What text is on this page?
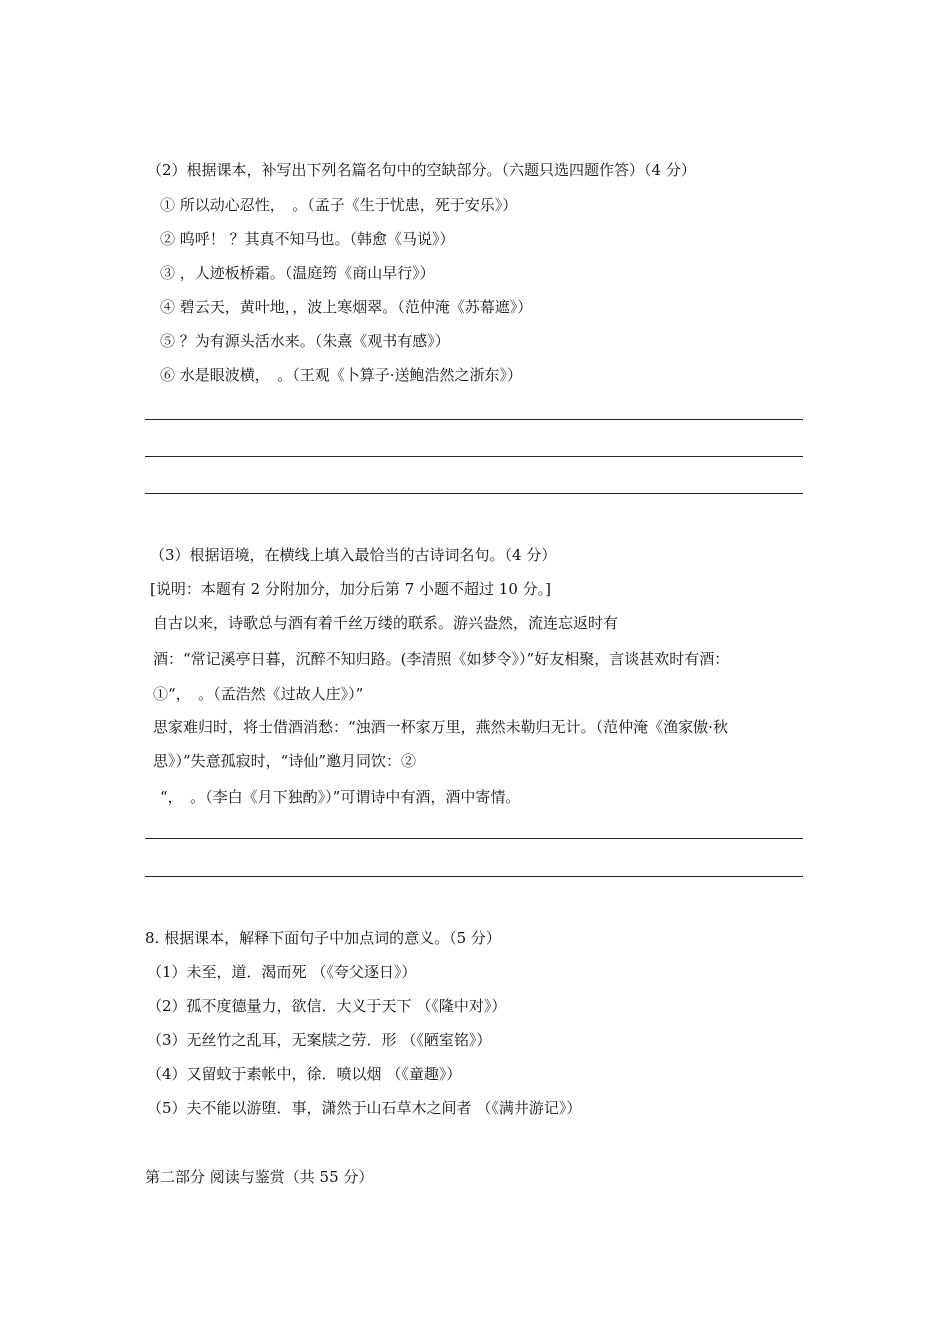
（2）根据课本，补写出下列名篇名句中的空缺部分。（六题只选四题作答）（4 分）
① 所以动心忍性，　。（孟子《生于忧患，死于安乐》）
② 呜呼！ ？其真不知马也。（韩愈《马说》）
③ ，人迹板桥霜。（温庭筠《商山早行》）
④ 碧云天，黄叶地，，波上寒烟翠。（范仲淹《苏幕遮》）
⑤ ？为有源头活水来。（朱熹《观书有感》）
⑥ 水是眼波横，　。（王观《卜算子·送鲍浩然之浙东》）
（3）根据语境，在横线上填入最恰当的古诗词名句。（4 分）
[说明：本题有 2 分附加分，加分后第 7 小题不超过 10 分。]
自古以来，诗歌总与酒有着千丝万缕的联系。游兴盎然，流连忘返时有
酒：“常记溪亭日暮，沉醉不知归路。(李清照《如梦令》）”好友相聚，言谈甚欢时有酒：
①“，　。（孟浩然《过故人庄》）”
思家难归时，将士借酒消愁：“浊酒一杯家万里，燕然未勒归无计。（范仲淹《渔家傲·秋
思》）”失意孤寂时，“诗仙”邀月同饮：②
“，　。（李白《月下独酌》）”可谓诗中有酒，酒中寄情。
8. 根据课本，解释下面句子中加点词的意义。（5 分）
（1）未至，道．渴而死 （《夸父逐日》）
（2）孤不度德量力，欲信．大义于天下 （《隆中对》）
（3）无丝竹之乱耳，无案牍之劳．形 （《陋室铭》）
（4）又留蚊于素帐中，徐．喷以烟 （《童趣》）
（5）夫不能以游堕．事，潇然于山石草木之间者 （《满井游记》）
第二部分 阅读与鉴赏（共 55 分）
